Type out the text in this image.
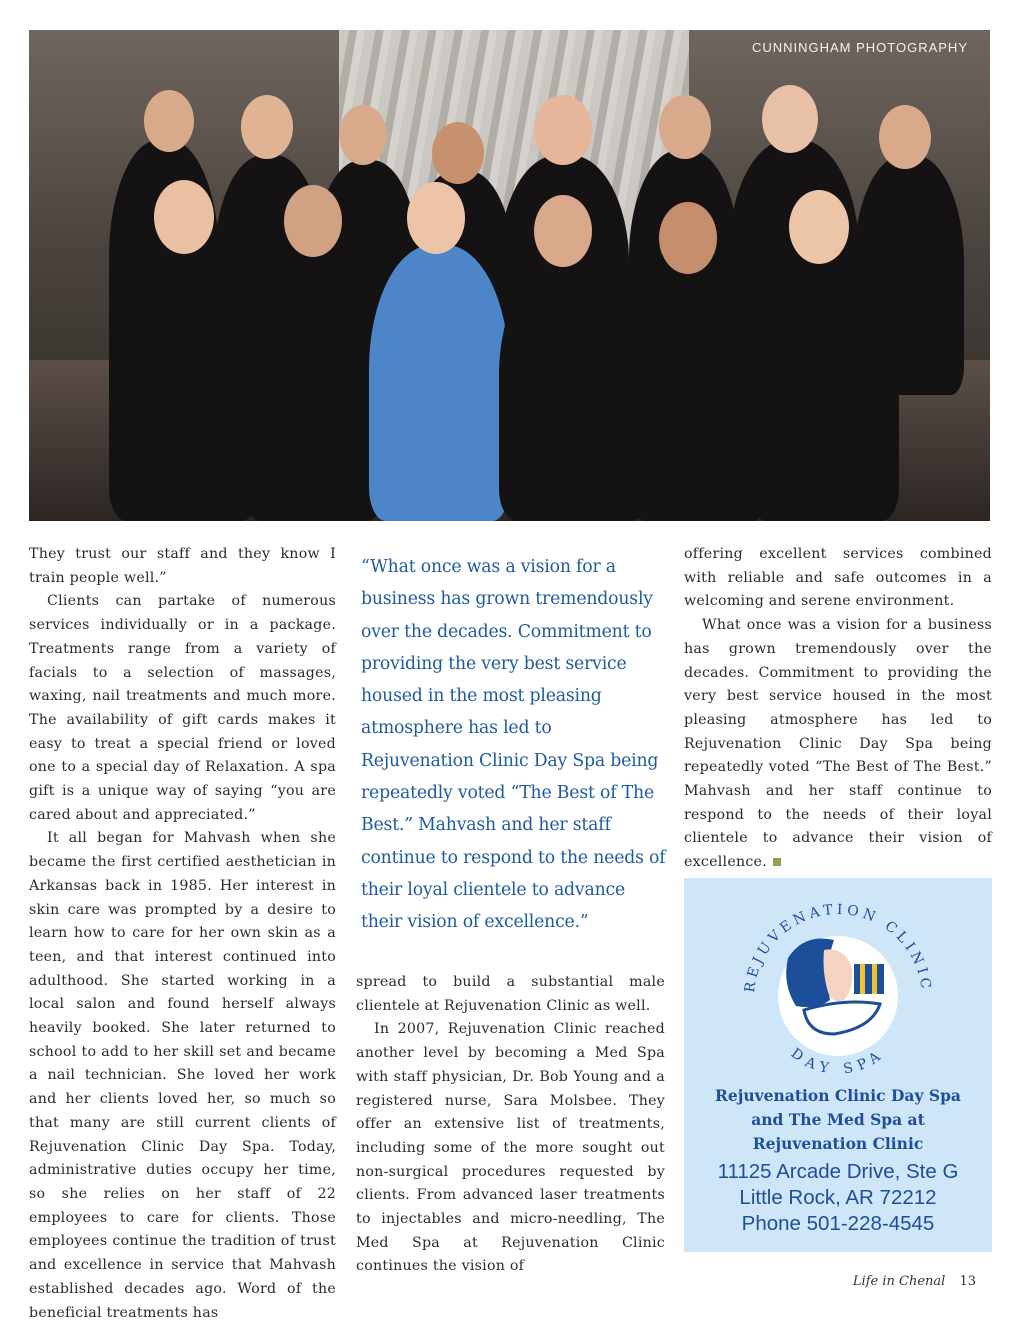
CUNNINGHAM PHOTOGRAPHY

They trust our staff and they know I train people well.”

Clients can partake of numerous services individually or in a package. Treatments range from a variety of facials to a selection of massages, waxing, nail treatments and much more. The availability of gift cards makes it easy to treat a special friend or loved one to a special day of Relaxation. A spa gift is a unique way of saying “you are cared about and appreciated.”

It all began for Mahvash when she became the first certified aesthetician in Arkansas back in 1985. Her interest in skin care was prompted by a desire to learn how to care for her own skin as a teen, and that interest continued into adulthood. She started working in a local salon and found herself always heavily booked. She later returned to school to add to her skill set and became a nail technician. She loved her work and her clients loved her, so much so that many are still current clients of Rejuvenation Clinic Day Spa. Today, administrative duties occupy her time, so she relies on her staff of 22 employees to care for clients. Those employees continue the tradition of trust and excellence in service that Mahvash established decades ago. Word of the beneficial treatments has

“What once was a vision for a business has grown tremendously over the decades. Commitment to providing the very best service housed in the most pleasing atmosphere has led to Rejuvenation Clinic Day Spa being repeatedly voted “The Best of The Best.” Mahvash and her staff continue to respond to the needs of their loyal clientele to advance their vision of excellence.”

spread to build a substantial male clientele at Rejuvenation Clinic as well.

In 2007, Rejuvenation Clinic reached another level by becoming a Med Spa with staff physician, Dr. Bob Young and a registered nurse, Sara Molsbee. They offer an extensive list of treatments, including some of the more sought out non-surgical procedures requested by clients. From advanced laser treatments to injectables and micro-needling, The Med Spa at Rejuvenation Clinic continues the vision of

offering excellent services combined with reliable and safe outcomes in a welcoming and serene environment.

What once was a vision for a business has grown tremendously over the decades. Commitment to providing the very best service housed in the most pleasing atmosphere has led to Rejuvenation Clinic Day Spa being repeatedly voted “The Best of The Best.” Mahvash and her staff continue to respond to the needs of their loyal clientele to advance their vision of excellence.

REJUVENATION CLINIC
DAY SPA
Rejuvenation Clinic Day Spa
and The Med Spa at
Rejuvenation Clinic
11125 Arcade Drive, Ste G
Little Rock, AR 72212
Phone 501-228-4545
Life in Chenal 13
